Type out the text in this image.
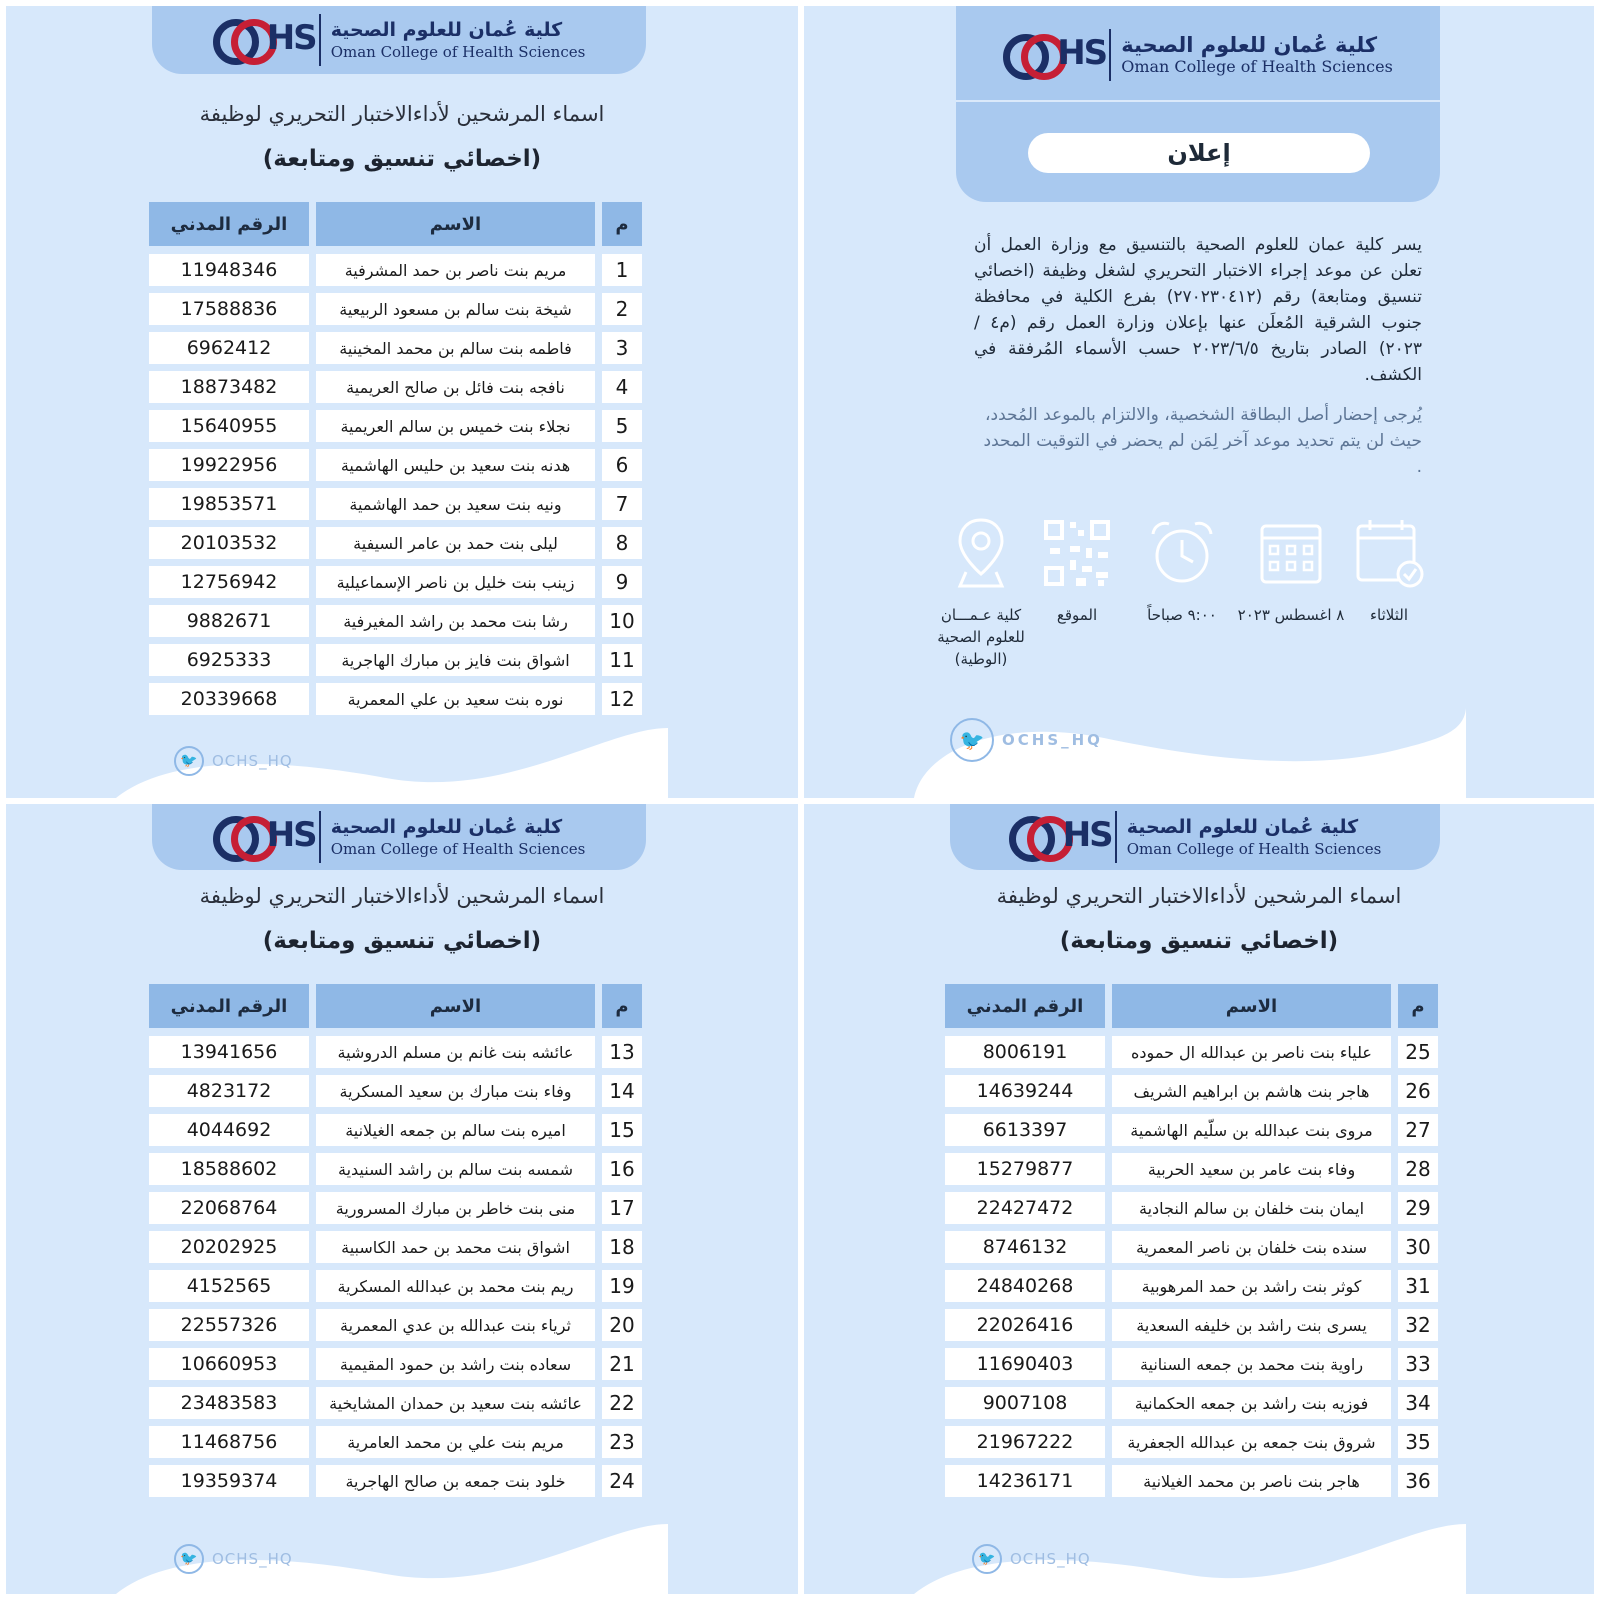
HS كلية عُمان للعلوم الصحية
Oman College of Health Sciences
اسماء المرشحين لأداءالاختبار التحريري لوظيفة
(اخصائي تنسيق ومتابعة)
الرقم المدني	الاسم	م
11948346	مريم بنت ناصر بن حمد المشرفية	1
17588836	شيخة بنت سالم بن مسعود الربيعية	2
6962412	فاطمه بنت سالم بن محمد المخينية	3
18873482	نافجه بنت فائل بن صالح العريمية	4
15640955	نجلاء بنت خميس بن سالم العريمية	5
19922956	هدنه بنت سعيد بن حليس الهاشمية	6
19853571	ونيه بنت سعيد بن حمد الهاشمية	7
20103532	ليلى بنت حمد بن عامر السيفية	8
12756942	زينب بنت خليل بن ناصر الإسماعيلية	9
9882671	رشا بنت محمد بن راشد المغيرفية	10
6925333	اشواق بنت فايز بن مبارك الهاجرية	11
20339668	نوره بنت سعيد بن علي المعمرية	12
🐦 OCHS_HQ
HS كلية عُمان للعلوم الصحية
Oman College of Health Sciences
إعلان
يسر كلية عمان للعلوم الصحية بالتنسيق مع وزارة العمل أن تعلن عن موعد إجراء الاختبار التحريري لشغل وظيفة (اخصائي تنسيق ومتابعة) رقم (٢٧٠٢٣٠٤١٢) بفرع الكلية في محافظة جنوب الشرقية المُعلَن عنها بإعلان وزارة العمل رقم (م٤ / ٢٠٢٣) الصادر بتاريخ ٢٠٢٣/٦/٥ حسب الأسماء المُرفقة في الكشف.
يُرجى إحضار أصل البطاقة الشخصية، والالتزام بالموعد المُحدد، حيث لن يتم تحديد موعد آخر لِمَن لم يحضر في التوقيت المحدد .
الثلاثاء
٨ اغسطس ٢٠٢٣
٩:٠٠ صباحاً
الموقع
كلية عـمـــان للعلوم الصحية (الوطية)
🐦	OCHS_HQ
HS كلية عُمان للعلوم الصحية
Oman College of Health Sciences
اسماء المرشحين لأداءالاختبار التحريري لوظيفة
(اخصائي تنسيق ومتابعة)
الرقم المدني	الاسم	م
13941656	عائشه بنت غانم بن مسلم الدروشية	13
4823172	وفاء بنت مبارك بن سعيد المسكرية	14
4044692	اميره بنت سالم بن جمعه الغيلانية	15
18588602	شمسه بنت سالم بن راشد السنيدية	16
22068764	منى بنت خاطر بن مبارك المسرورية	17
20202925	اشواق بنت محمد بن حمد الكاسبية	18
4152565	ريم بنت محمد بن عبدالله المسكرية	19
22557326	ثرياء بنت عبدالله بن عدي المعمرية	20
10660953	سعاده بنت راشد بن حمود المقيمية	21
23483583	عائشه بنت سعيد بن حمدان المشايخية	22
11468756	مريم بنت علي بن محمد العامرية	23
19359374	خلود بنت جمعه بن صالح الهاجرية	24
🐦 OCHS_HQ
HS كلية عُمان للعلوم الصحية
Oman College of Health Sciences
اسماء المرشحين لأداءالاختبار التحريري لوظيفة
(اخصائي تنسيق ومتابعة)
الرقم المدني	الاسم	م
8006191	علياء بنت ناصر بن عبدالله ال حموده	25
14639244	هاجر بنت هاشم بن ابراهيم الشريف	26
6613397	مروى بنت عبدالله بن سلّيم الهاشمية	27
15279877	وفاء بنت عامر بن سعيد الحربية	28
22427472	ايمان بنت خلفان بن سالم النجادية	29
8746132	سنده بنت خلفان بن ناصر المعمرية	30
24840268	كوثر بنت راشد بن حمد المرهوبية	31
22026416	يسرى بنت راشد بن خليفه السعدية	32
11690403	راوية بنت محمد بن جمعه السنانية	33
9007108	فوزيه بنت راشد بن جمعه الحكمانية	34
21967222	شروق بنت جمعه بن عبدالله الجعفرية	35
14236171	هاجر بنت ناصر بن محمد الغيلانية	36
🐦 OCHS_HQ
